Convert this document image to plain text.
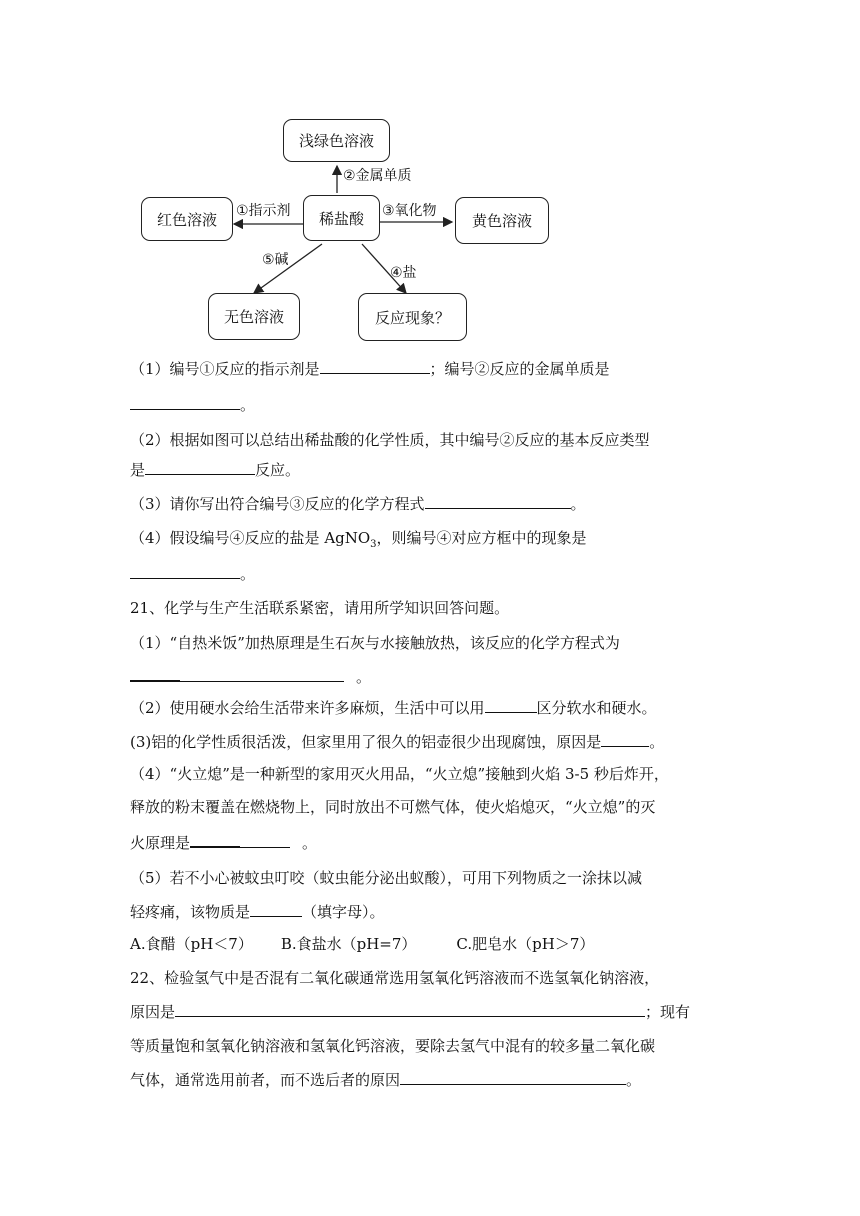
浅绿色溶液
稀盐酸
红色溶液	黄色溶液
无色溶液	反应现象？
②金属单质
①指示剂	③氧化物
⑤碱
④盐
（1）编号①反应的指示剂是	；编号②反应的金属单质是
。
（2）根据如图可以总结出稀盐酸的化学性质，其中编号②反应的基本反应类型
是	反应。
（3）请你写出符合编号③反应的化学方程式	。
（4）假设编号④反应的盐是 AgNO$_3$，则编号④对应方框中的现象是
。
21、化学与生产生活联系紧密，请用所学知识回答问题。
（1）“自热米饭”加热原理是生石灰与水接触放热，该反应的化学方程式为
。
（2）使用硬水会给生活带来许多麻烦，生活中可以用	区分软水和硬水。
(3)铝的化学性质很活泼，但家里用了很久的铝壶很少出现腐蚀，原因是	。
（4）“火立熄”是一种新型的家用灭火用品，“火立熄”接触到火焰 3-5 秒后炸开，
释放的粉末覆盖在燃烧物上，同时放出不可燃气体，使火焰熄灭，“火立熄”的灭
火原理是	。
（5）若不小心被蚊虫叮咬（蚊虫能分泌出蚁酸），可用下列物质之一涂抹以减
轻疼痛，该物质是	（填字母）。
A.食醋（pH＜7） B.食盐水（pH=7）	C.肥皂水（pH＞7）
22、检验氢气中是否混有二氧化碳通常选用氢氧化钙溶液而不选氢氧化钠溶液，
原因是	；现有
等质量饱和氢氧化钠溶液和氢氧化钙溶液，要除去氢气中混有的较多量二氧化碳
气体，通常选用前者，而不选后者的原因	。
